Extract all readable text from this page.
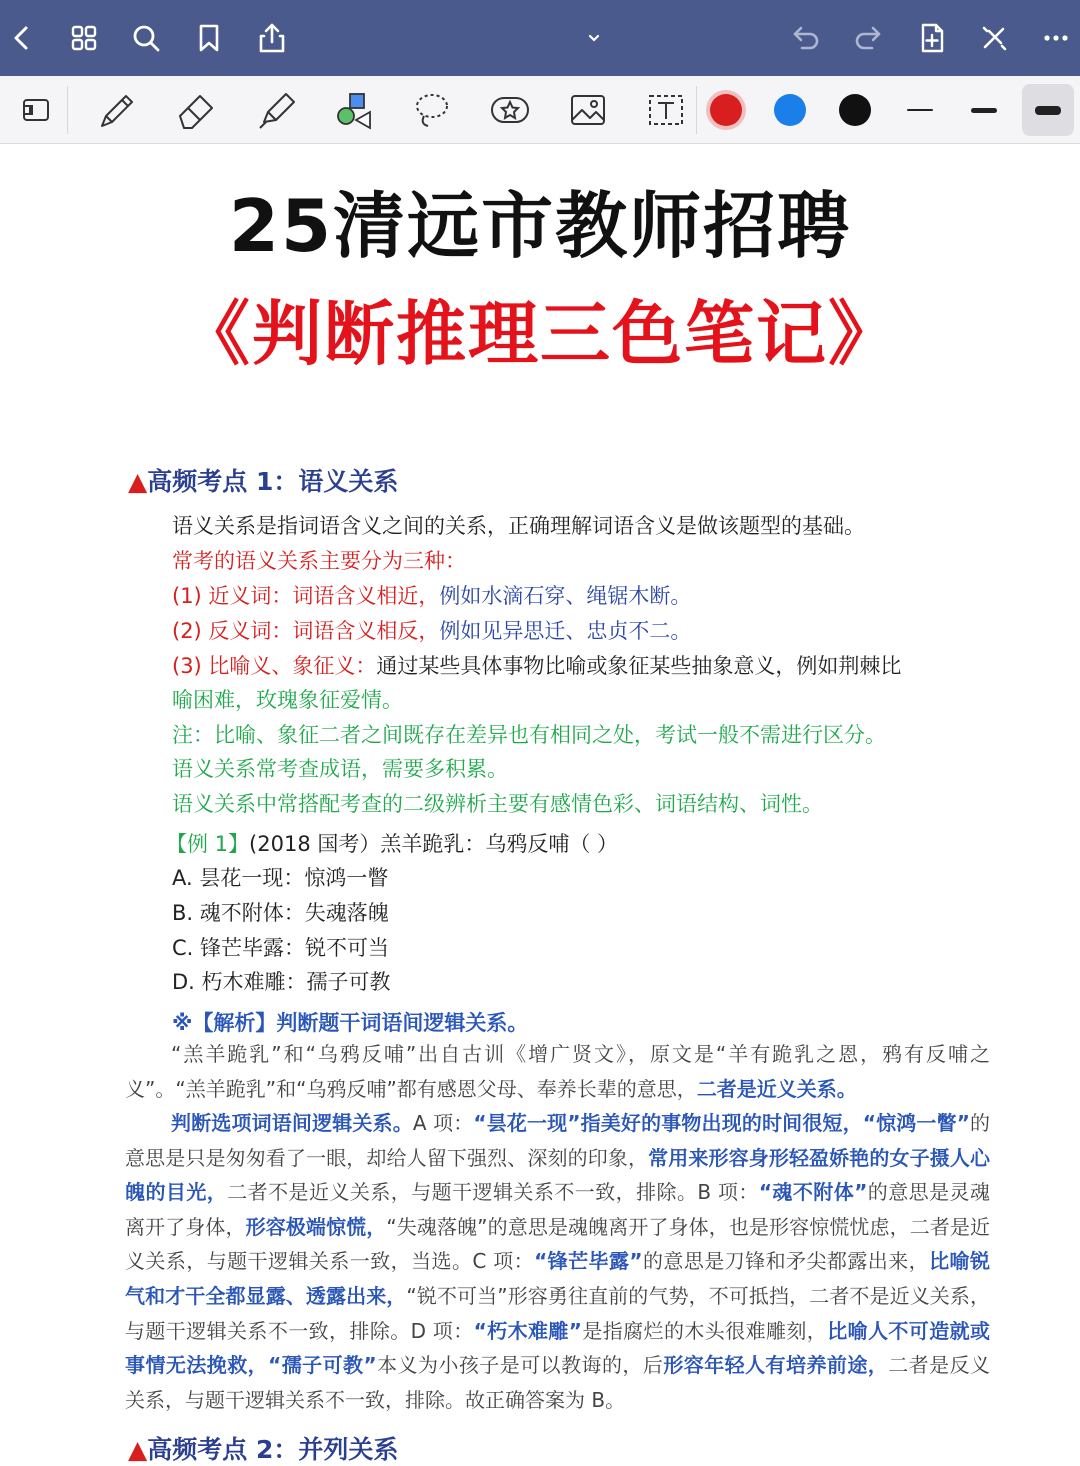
25清远市教师招聘
《判断推理三色笔记》
▲高频考点 1：语义关系
语义关系是指词语含义之间的关系，正确理解词语含义是做该题型的基础。
常考的语义关系主要分为三种：
(1) 近义词：词语含义相近，例如水滴石穿、绳锯木断。
(2) 反义词：词语含义相反，例如见异思迁、忠贞不二。
(3) 比喻义、象征义：通过某些具体事物比喻或象征某些抽象意义，例如荆棘比
喻困难，玫瑰象征爱情。
注：比喻、象征二者之间既存在差异也有相同之处，考试一般不需进行区分。
语义关系常考查成语，需要多积累。
语义关系中常搭配考查的二级辨析主要有感情色彩、词语结构、词性。
【例 1】(2018 国考）羔羊跪乳：乌鸦反哺（ ）
A. 昙花一现：惊鸿一瞥
B. 魂不附体：失魂落魄
C. 锋芒毕露：锐不可当
D. 朽木难雕：孺子可教
※【解析】判断题干词语间逻辑关系。
“羔羊跪乳”和“乌鸦反哺”出自古训《增广贤文》，原文是“羊有跪乳之恩，鸦有反哺之义”。“羔羊跪乳”和“乌鸦反哺”都有感恩父母、奉养长辈的意思，二者是近义关系。
判断选项词语间逻辑关系。A 项：“昙花一现”指美好的事物出现的时间很短，“惊鸿一瞥”的意思是只是匆匆看了一眼，却给人留下强烈、深刻的印象，常用来形容身形轻盈娇艳的女子摄人心魄的目光，二者不是近义关系，与题干逻辑关系不一致，排除。B 项：“魂不附体”的意思是灵魂离开了身体，形容极端惊慌，“失魂落魄”的意思是魂魄离开了身体，也是形容惊慌忧虑，二者是近义关系，与题干逻辑关系一致，当选。C 项：“锋芒毕露”的意思是刀锋和矛尖都露出来，比喻锐气和才干全都显露、透露出来，“锐不可当”形容勇往直前的气势，不可抵挡，二者不是近义关系，与题干逻辑关系不一致，排除。D 项：“朽木难雕”是指腐烂的木头很难雕刻，比喻人不可造就或事情无法挽救，“孺子可教”本义为小孩子是可以教诲的，后形容年轻人有培养前途，二者是反义关系，与题干逻辑关系不一致，排除。故正确答案为 B。
▲高频考点 2：并列关系
